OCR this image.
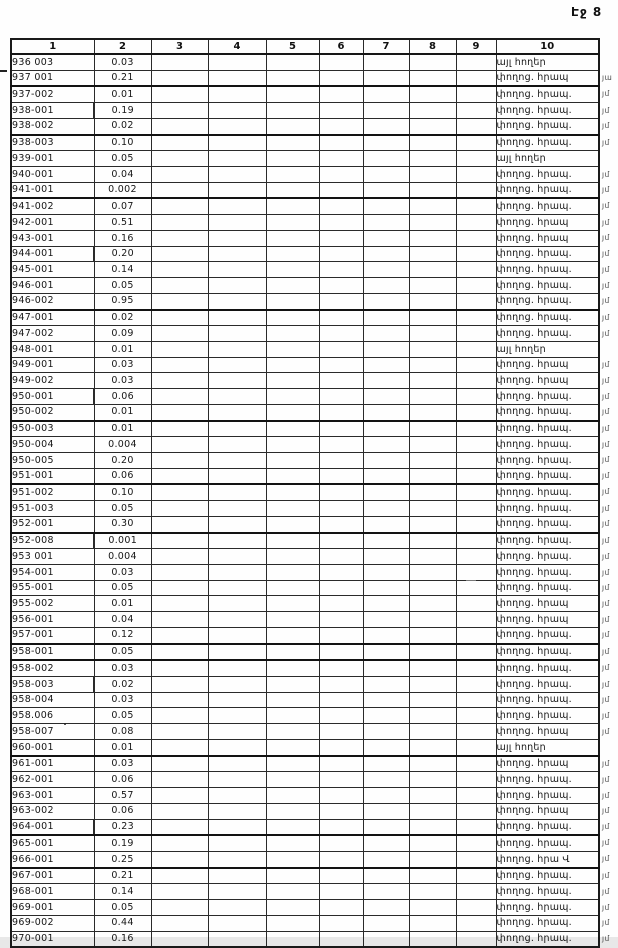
Էջ 8
1	2	3	4	5	6	7	8	9	10
936 003	0.03								այլ հողեր
937 001	0.21								փողոց. հրապ
937-002	0.01								փողոց. հրապ.
938-001	0.19								փողոց. հրապ.
938-002	0.02								փողոց. հրապ.
938-003	0.10								փողոց. հրապ.
939-001	0.05								այլ հողեր
940-001	0.04								փողոց. հրապ.
941-001	0.002								փողոց. հրապ.
941-002	0.07								փողոց. հրապ.
942-001	0.51								փողոց. հրապ
943-001	0.16								փողոց. հրապ
944-001	0.20								փողոց. հրապ.
945-001	0.14								փողոց. հրապ.
946-001	0.05								փողոց. հրապ.
946-002	0.95								փողոց. հրապ.
947-001	0.02								փողոց. հրապ.
947-002	0.09								փողոց. հրապ.
948-001	0.01								այլ հողեր
949-001	0.03								փողոց. հրապ
949-002	0.03								փողոց. հրապ
950-001	0.06								փողոց. հրապ.
950-002	0.01								փողոց. հրապ.
950-003	0.01								փողոց. հրապ.
950-004	0.004								փողոց. հրապ.
950-005	0.20								փողոց. հրապ.
951-001	0.06								փողոց. հրապ.
951-002	0.10								փողոց. հրապ.
951-003	0.05								փողոց. հրապ.
952-001	0.30								փողոց. հրապ.
952-008	0.001								փողոց. հրապ.
953 001	0.004								փողոց. հրապ.
954-001	0.03								փողոց. հրապ.
955-001	0.05								փողոց. հրապ.
955-002	0.01								փողոց. հրապ
956-001	0.04								փողոց. հրապ
957-001	0.12								փողոց. հրապ.
958-001	0.05								փողոց. հրապ.
958-002	0.03								փողոց. հրապ.
958-003	0.02								փողոց. հրապ.
958-004	0.03								փողոց. հրապ.
958.006	0.05								փողոց. հրապ.
958-007	0.08								փողոց. հրապ
960-001	0.01								այլ հողեր
961-001	0.03								փողոց. հրապ
962-001	0.06								փողոց. հրապ.
963-001	0.57								փողոց. հրապ.
963-002	0.06								փողոց. հրապ
964-001	0.23								փողոց. հրապ.
965-001	0.19								փողոց. հրապ.
966-001	0.25								փողոց. հրա Վ
967-001	0.21								փողոց. հրապ.
968-001	0.14								փողոց. հրապ.
969-001	0.05								փողոց. հրապ.
969-002	0.44								փողոց. հրապ.
970-001	0.16								փողոց. հրապ.
յա
յմ
յմ
յմ
յմ
յմ
յմ
յմ
յմ
յմ
յմ
յմ
յմ
յմ
յմ
յմ
յմ
յմ
յմ
յմ
յմ
յմ
յմ
յմ
յմ
յմ
յմ
յմ
յմ
յմ
յմ
յմ
յմ
յմ
յմ
յմ
յմ
յմ
յմ
յմ
յմ
յմ
յմ
յմ
յմ
յմ
յմ
յմ
յմ
յմ
յմ
յմ
